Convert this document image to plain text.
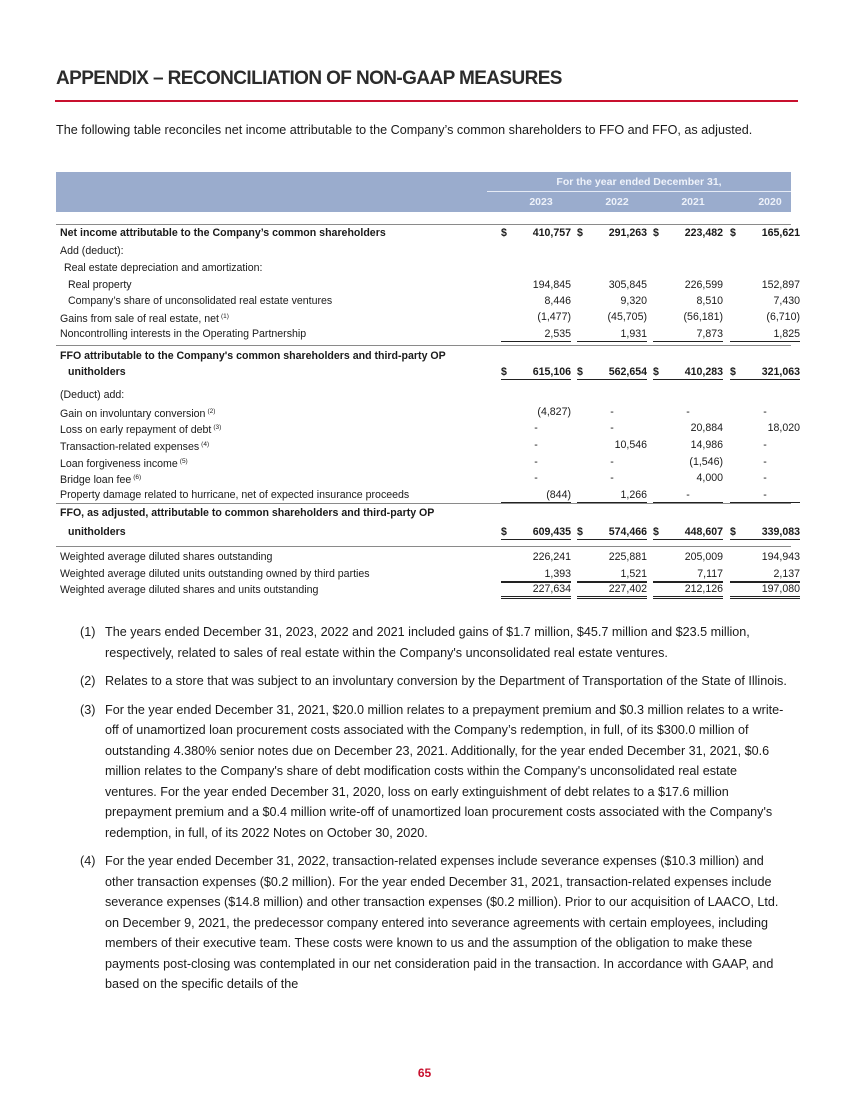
APPENDIX – RECONCILIATION OF NON-GAAP MEASURES

The following table reconciles net income attributable to the Company’s common shareholders to FFO and FFO, as adjusted.

For the year ended December 31,
2023	2022	2021	2020
Net income attributable to the Company’s common shareholders	$ 410,757 $ 291,263 $ 223,482 $ 165,621
Add (deduct):
Real estate depreciation and amortization:
Real property	194,845	305,845	226,599	152,897
Company’s share of unconsolidated real estate ventures	8,446	9,320	8,510	7,430
Gains from sale of real estate, net $^{(1)}$	(1,477)	(45,705)	(56,181)	(6,710)
Noncontrolling interests in the Operating Partnership	2,535	1,931	7,873	1,825
FFO attributable to the Company's common shareholders and third-party OP
unitholders	$ 615,106 $ 562,654 $ 410,283 $ 321,063
(Deduct) add:
Gain on involuntary conversion $^{(2)}$	(4,827)	-	-	-
Loss on early repayment of debt $^{(3)}$	-	-	20,884	18,020
Transaction-related expenses $^{(4)}$	-	10,546	14,986	-
Loan forgiveness income $^{(5)}$	-	-	(1,546)	-
Bridge loan fee $^{(6)}$	-	-	4,000	-
Property damage related to hurricane, net of expected insurance proceeds	(844)	1,266	-	-
FFO, as adjusted, attributable to common shareholders and third-party OP
unitholders	$ 609,435 $ 574,466 $ 448,607 $ 339,083
Weighted average diluted shares outstanding	226,241	225,881	205,009	194,943
Weighted average diluted units outstanding owned by third parties	1,393	1,521	7,117	2,137
Weighted average diluted shares and units outstanding	227,634	227,402	212,126	197,080

(1) The years ended December 31, 2023, 2022 and 2021 included gains of $1.7 million, $45.7 million and $23.5 million, respectively, related to sales of real estate within the Company's unconsolidated real estate ventures.

(2) Relates to a store that was subject to an involuntary conversion by the Department of Transportation of the State of Illinois.

(3) For the year ended December 31, 2021, $20.0 million relates to a prepayment premium and $0.3 million relates to a write-off of unamortized loan procurement costs associated with the Company’s redemption, in full, of its $300.0 million of outstanding 4.380% senior notes due on December 23, 2021. Additionally, for the year ended December 31, 2021, $0.6 million relates to the Company's share of debt modification costs within the Company's unconsolidated real estate ventures. For the year ended December 31, 2020, loss on early extinguishment of debt relates to a $17.6 million prepayment premium and a $0.4 million write-off of unamortized loan procurement costs associated with the Company's redemption, in full, of its 2022 Notes on October 30, 2020.

(4) For the year ended December 31, 2022, transaction-related expenses include severance expenses ($10.3 million) and other transaction expenses ($0.2 million). For the year ended December 31, 2021, transaction-related expenses include severance expenses ($14.8 million) and other transaction expenses ($0.2 million). Prior to our acquisition of LAACO, Ltd. on December 9, 2021, the predecessor company entered into severance agreements with certain employees, including members of their executive team. These costs were known to us and the assumption of the obligation to make these payments post-closing was contemplated in our net consideration paid in the transaction. In accordance with GAAP, and based on the specific details of the

65
